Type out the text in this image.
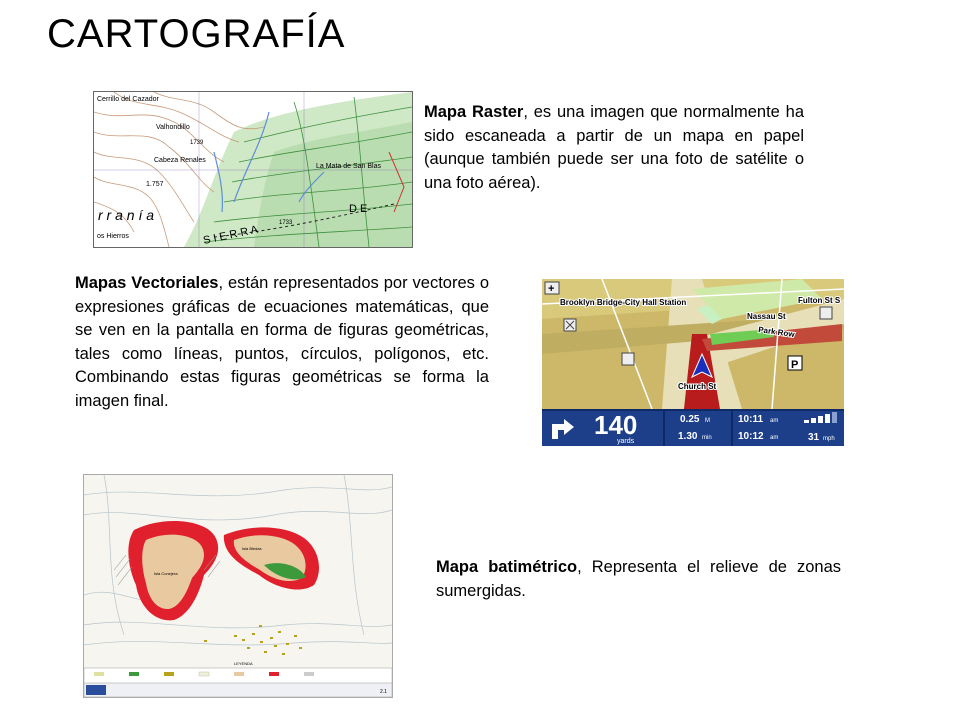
CARTOGRAFÍA
Cerrillo del Cazador
Valhondillo
1739
Cabeza Renales
1.757
La Mata de San Blas
os Hierros
1733
r r a n í a
S I E R R A
D E
Mapa Raster, es una imagen que normalmente ha sido escaneada a partir de un mapa en papel (aunque también puede ser una foto de satélite o una foto aérea).
Mapas Vectoriales, están representados por vectores o expresiones gráficas de ecuaciones matemáticas, que se ven en la pantalla en forma de figuras geométricas, tales como líneas, puntos, círculos, polígonos, etc. Combinando estas figuras geométricas se forma la imagen final.
+
P
Brooklyn Bridge-City Hall Station	Fulton St S
Nassau St
Park Row
Church St
140
yards
0.25 M
1.30 min
10:11 am
10:12 am	31 mph
Isla Conejera
Isla Bledas
LEYENDA
2.1
Mapa batimétrico, Representa el relieve de zonas sumergidas.
